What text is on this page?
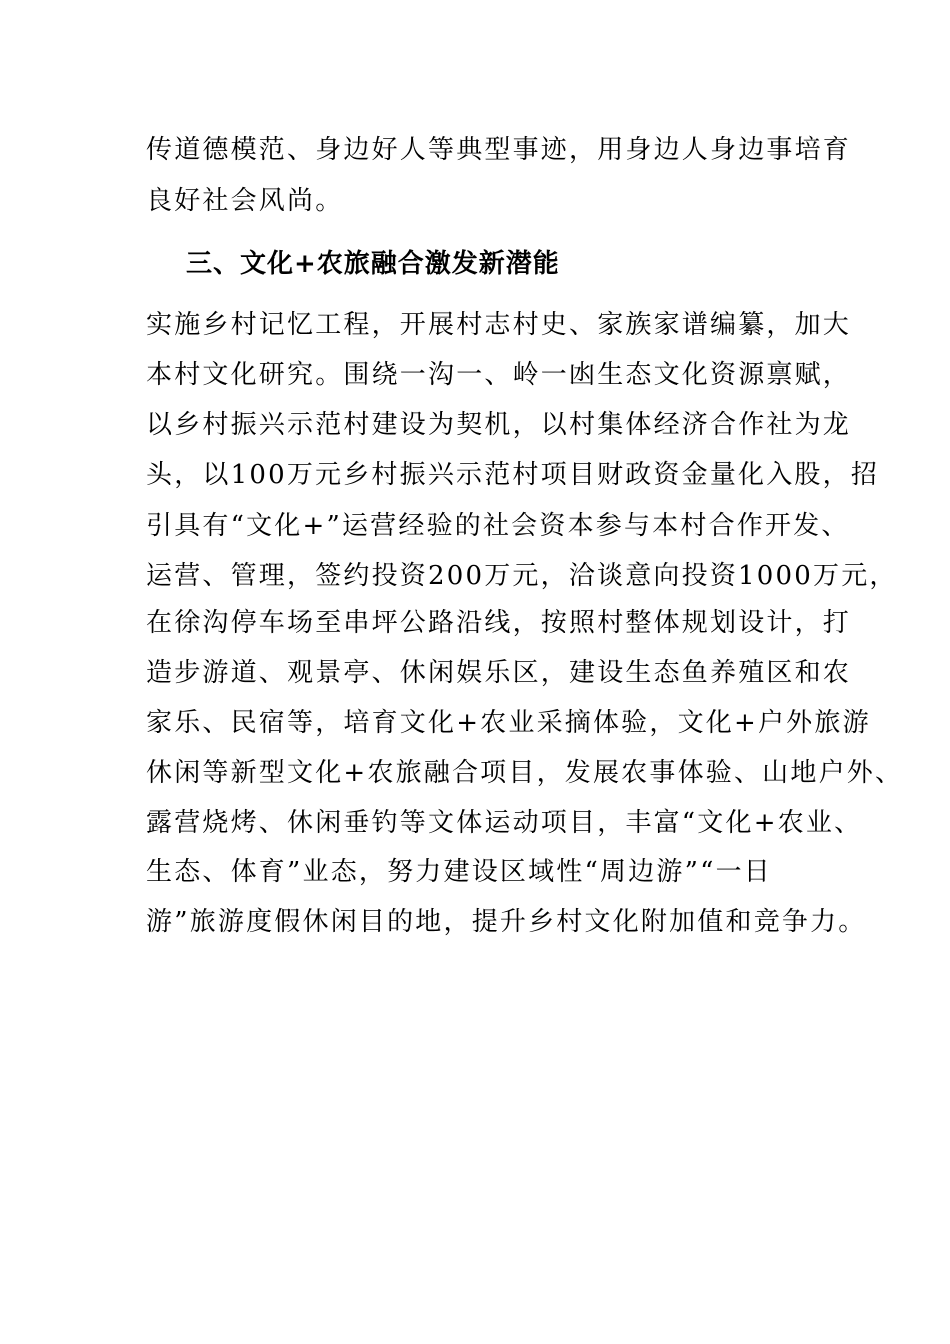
传道德模范、身边好人等典型事迹，用身边人身边事培育
良好社会风尚。
三、文化+农旅融合激发新潜能
实施乡村记忆工程，开展村志村史、家族家谱编纂，加大
本村文化研究。围绕一沟一、岭一凼生态文化资源禀赋，
以乡村振兴示范村建设为契机，以村集体经济合作社为龙
头，以100万元乡村振兴示范村项目财政资金量化入股，招
引具有“文化+”运营经验的社会资本参与本村合作开发、
运营、管理，签约投资200万元，洽谈意向投资1000万元，
在徐沟停车场至串坪公路沿线，按照村整体规划设计，打
造步游道、观景亭、休闲娱乐区，建设生态鱼养殖区和农
家乐、民宿等，培育文化+农业采摘体验，文化+户外旅游
休闲等新型文化+农旅融合项目，发展农事体验、山地户外、
露营烧烤、休闲垂钓等文体运动项目，丰富“文化+农业、
生态、体育”业态，努力建设区域性“周边游”“一日
游”旅游度假休闲目的地，提升乡村文化附加值和竞争力。
